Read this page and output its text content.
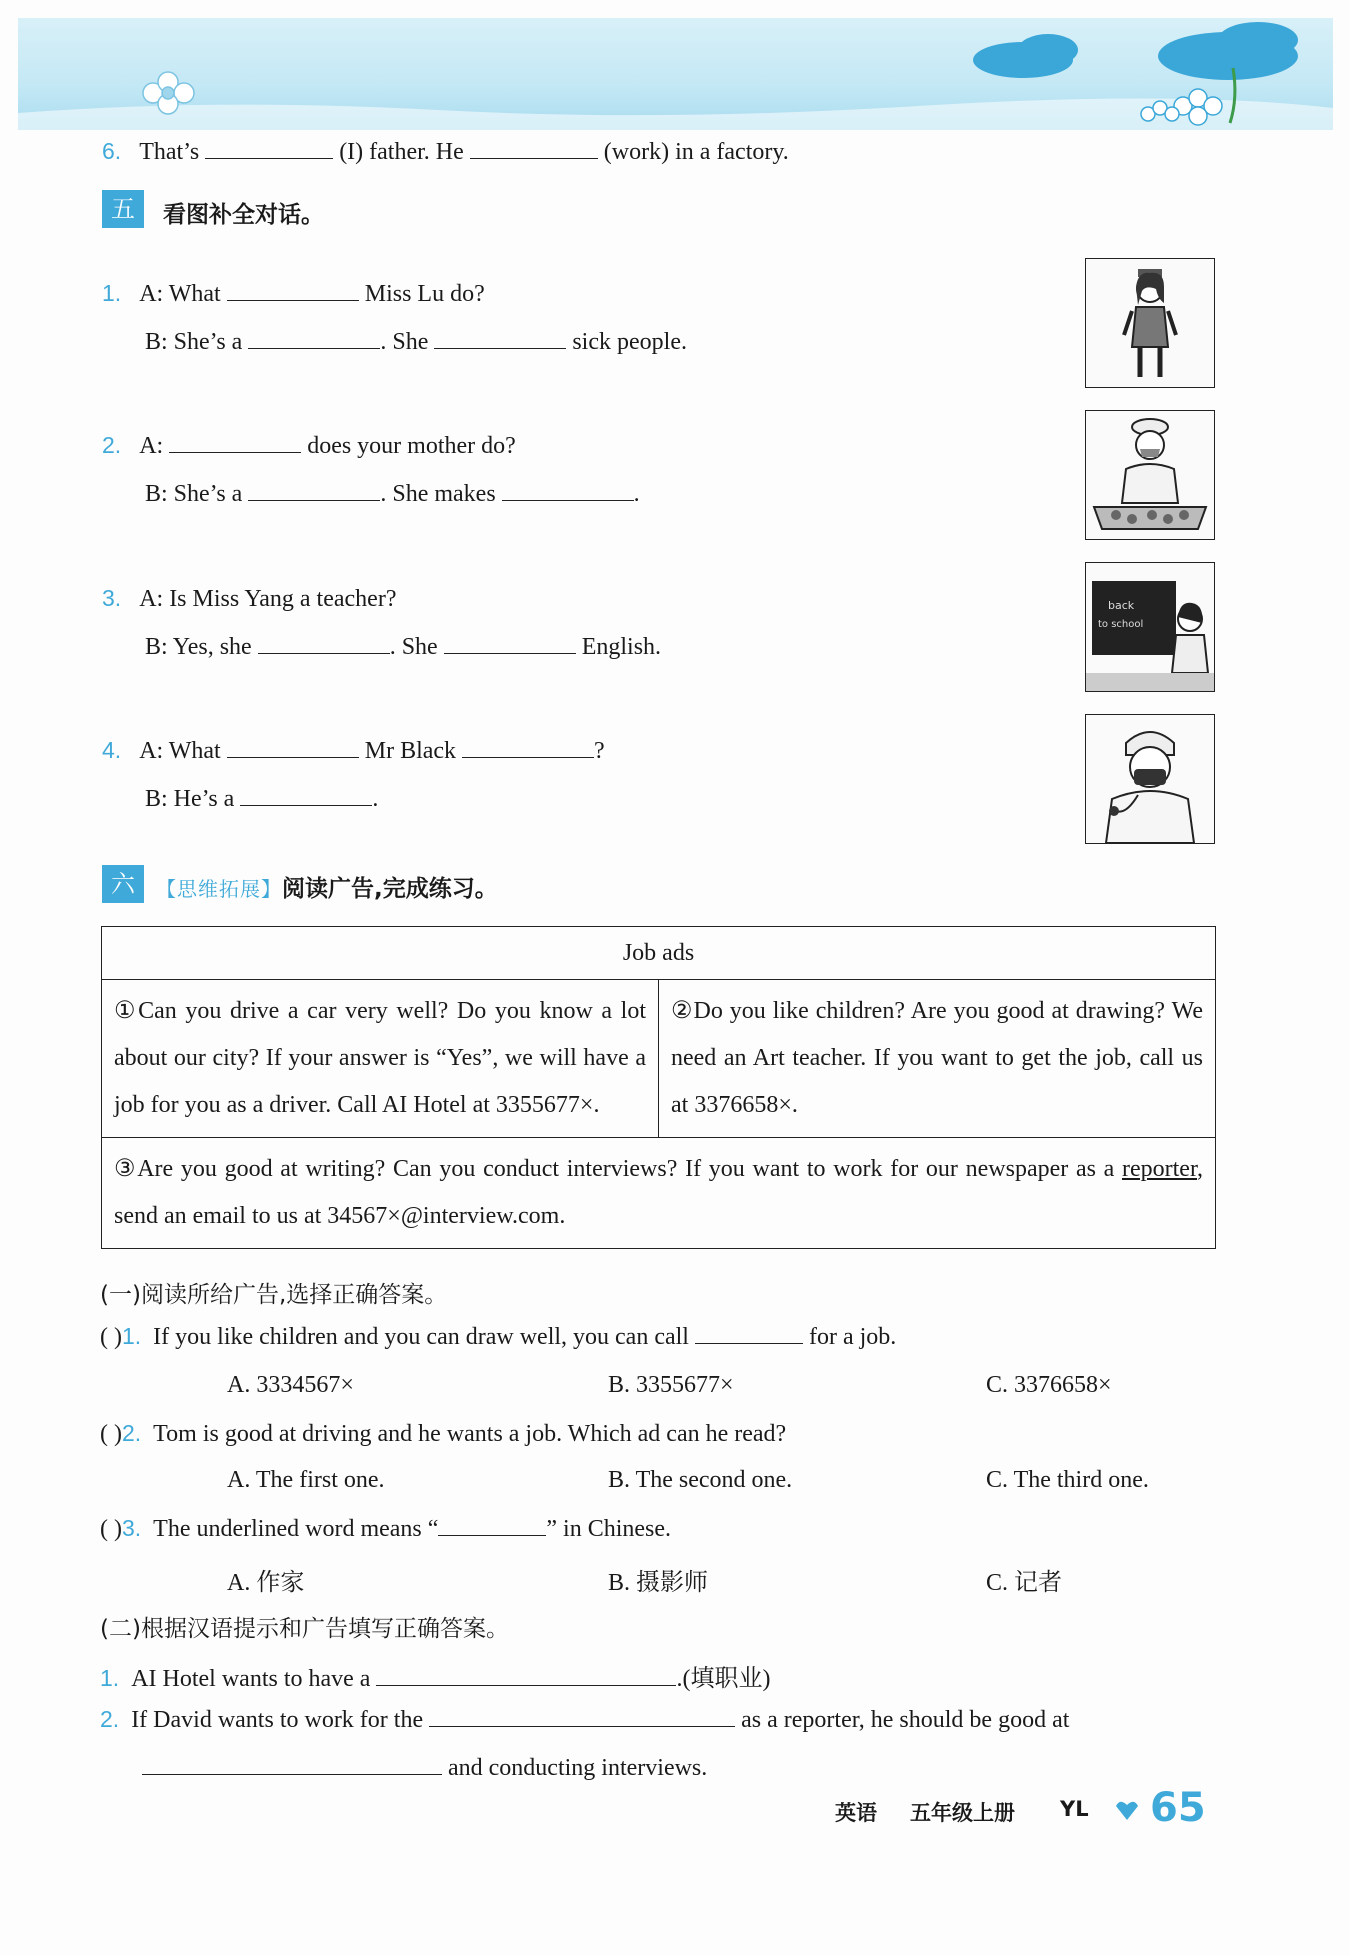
6. That’s	(I) father. He	(work) in a factory.
五	看图补全对话。
1. A: What	Miss Lu do?
B: She’s a	. She	sick people.
2. A:	does your mother do?
B: She’s a	. She makes	.
3. A: Is Miss Yang a teacher?
B: Yes, she	. She	English.
4. A: What	Mr Black	?
B: He’s a	.
back
to school
六	【思维拓展】阅读广告,完成练习。
Job ads
①Can you drive a car very well? Do you know a lot about our city? If your answer is “Yes”, we will have a job for you as a driver. Call AI Hotel at 3355677×.	②Do you like children? Are you good at drawing? We need an Art teacher. If you want to get the job, call us at 3376658×.
③Are you good at writing? Can you conduct interviews? If you want to work for our newspaper as a reporter, send an email to us at 34567×@interview.com.
(一)阅读所给广告,选择正确答案。
( )1. If you like children and you can draw well, you can call	for a job.
A. 3334567×	B. 3355677×	C. 3376658×
( )2. Tom is good at driving and he wants a job. Which ad can he read?
A. The first one.	B. The second one.	C. The third one.
( )3. The underlined word means “	” in Chinese.
A. 作家	B. 摄影师	C. 记者
(二)根据汉语提示和广告填写正确答案。
1. AI Hotel wants to have a	.(填职业)
2. If David wants to work for the	as a reporter, he should be good at
and conducting interviews.
英语 五年级上册 YL 65
